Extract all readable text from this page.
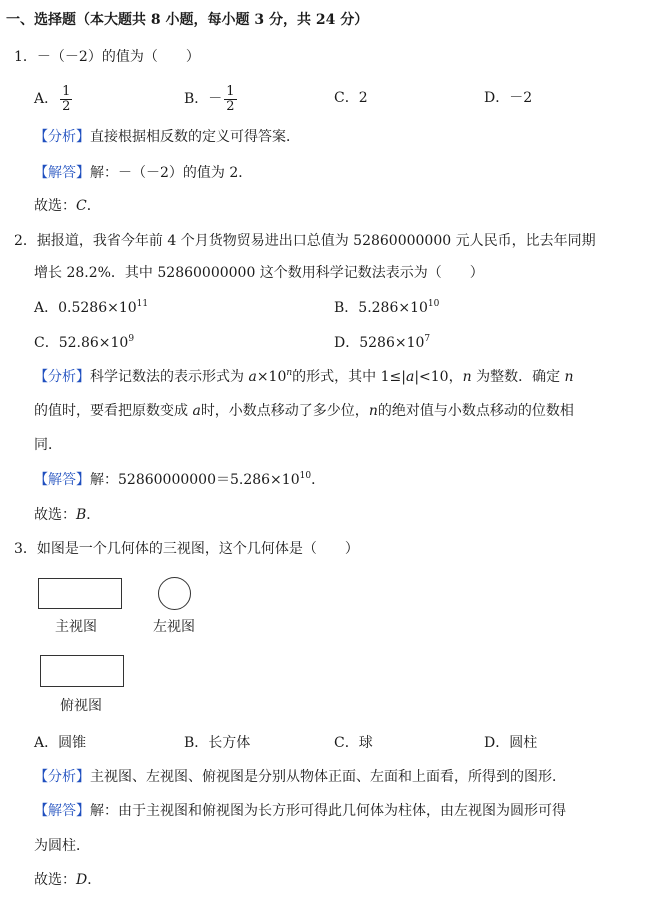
一、选择题（本大题共 8 小题，每小题 3 分，共 24 分）
1．－（－2）的值为（　　）
A． $\frac{1}{2}$	B．－ $\frac{1}{2}$	C．2	D．－2
【分析】直接根据相反数的定义可得答案．
【解答】解：－（－2）的值为 2．
故选：C．
2．据报道，我省今年前 4 个月货物贸易进出口总值为 52860000000 元人民币，比去年同期
增长 28.2%．其中 52860000000 这个数用科学记数法表示为（　　）
A．$0.5286\times 10^{11}$	B．$5.286\times 10^{10}$
C．$52.86\times 10^9$	D．$5286\times 10^7$
【分析】科学记数法的表示形式为 $a\times 10^n$的形式，其中 1≤|a|<10，n 为整数．确定 n
的值时，要看把原数变成 a时，小数点移动了多少位，n的绝对值与小数点移动的位数相
同．
【解答】解：$52860000000=5.286\times 10^{10}$．
故选：B．
3．如图是一个几何体的三视图，这个几何体是（　　）
主视图	左视图
俯视图
A．圆锥	B．长方体	C．球	D．圆柱
【分析】主视图、左视图、俯视图是分别从物体正面、左面和上面看，所得到的图形．
【解答】解：由于主视图和俯视图为长方形可得此几何体为柱体，由左视图为圆形可得
为圆柱．
故选：D．
